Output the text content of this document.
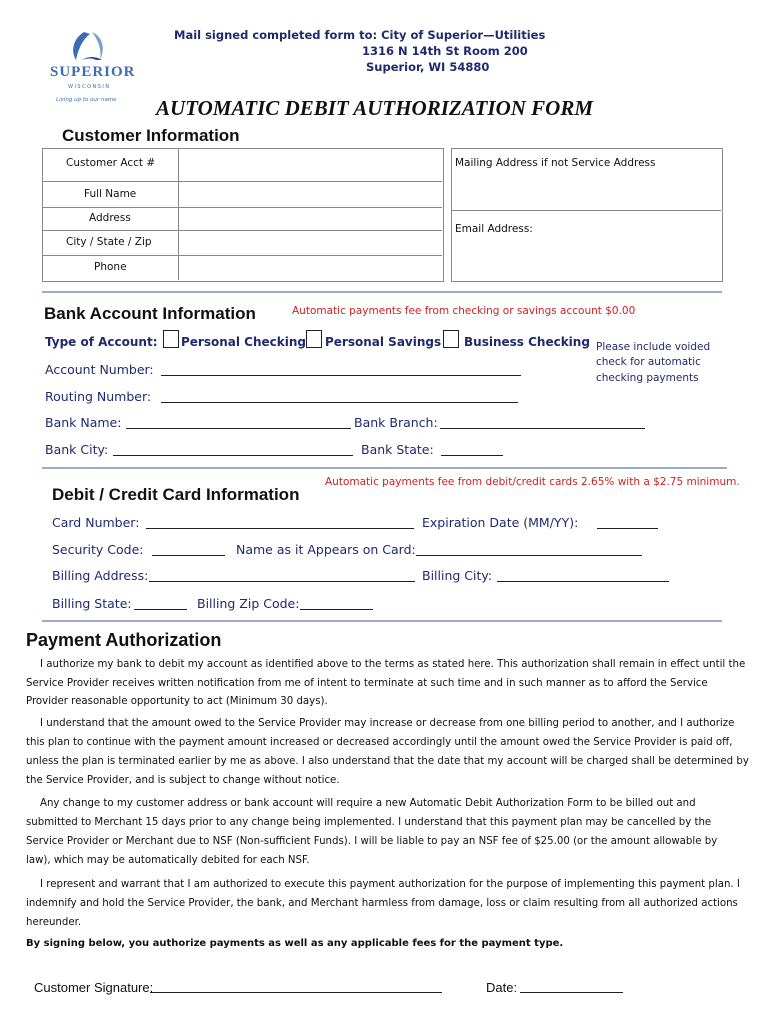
Mail signed completed form to: City of Superior—Utilities
1316 N 14th St Room 200
Superior, WI 54880
SUPERIOR
WISCONSIN
Living up to our name AUTOMATIC DEBIT AUTHORIZATION FORM
Customer Information
Customer Acct #
Full Name
Address
City / State / Zip
Phone
Mailing Address if not Service Address
Email Address:
Bank Account Information	Automatic payments fee from checking or savings account $0.00
Type of Account: Personal Checking Personal Savings Business Checking Please include voided
check for automatic
checking payments
Account Number:
Routing Number:
Bank Name:	Bank Branch:
Bank City:	Bank State:
Automatic payments fee from debit/credit cards 2.65% with a $2.75 minimum.
Debit / Credit Card Information
Card Number:	Expiration Date (MM/YY):
Security Code:	Name as it Appears on Card:
Billing Address:	Billing City:
Billing State:	Billing Zip Code:
Payment Authorization
I authorize my bank to debit my account as identified above to the terms as stated here. This authorization shall remain in effect until the
Service Provider receives written notification from me of intent to terminate at such time and in such manner as to afford the Service
Provider reasonable opportunity to act (Minimum 30 days).
I understand that the amount owed to the Service Provider may increase or decrease from one billing period to another, and I authorize
this plan to continue with the payment amount increased or decreased accordingly until the amount owed the Service Provider is paid off,
unless the plan is terminated earlier by me as above. I also understand that the date that my account will be charged shall be determined by
the Service Provider, and is subject to change without notice.
Any change to my customer address or bank account will require a new Automatic Debit Authorization Form to be billed out and
submitted to Merchant 15 days prior to any change being implemented. I understand that this payment plan may be cancelled by the
Service Provider or Merchant due to NSF (Non-sufficient Funds). I will be liable to pay an NSF fee of $25.00 (or the amount allowable by
law), which may be automatically debited for each NSF.
I represent and warrant that I am authorized to execute this payment authorization for the purpose of implementing this payment plan. I
indemnify and hold the Service Provider, the bank, and Merchant harmless from damage, loss or claim resulting from all authorized actions
hereunder.
By signing below, you authorize payments as well as any applicable fees for the payment type.
Customer Signature:	Date:
